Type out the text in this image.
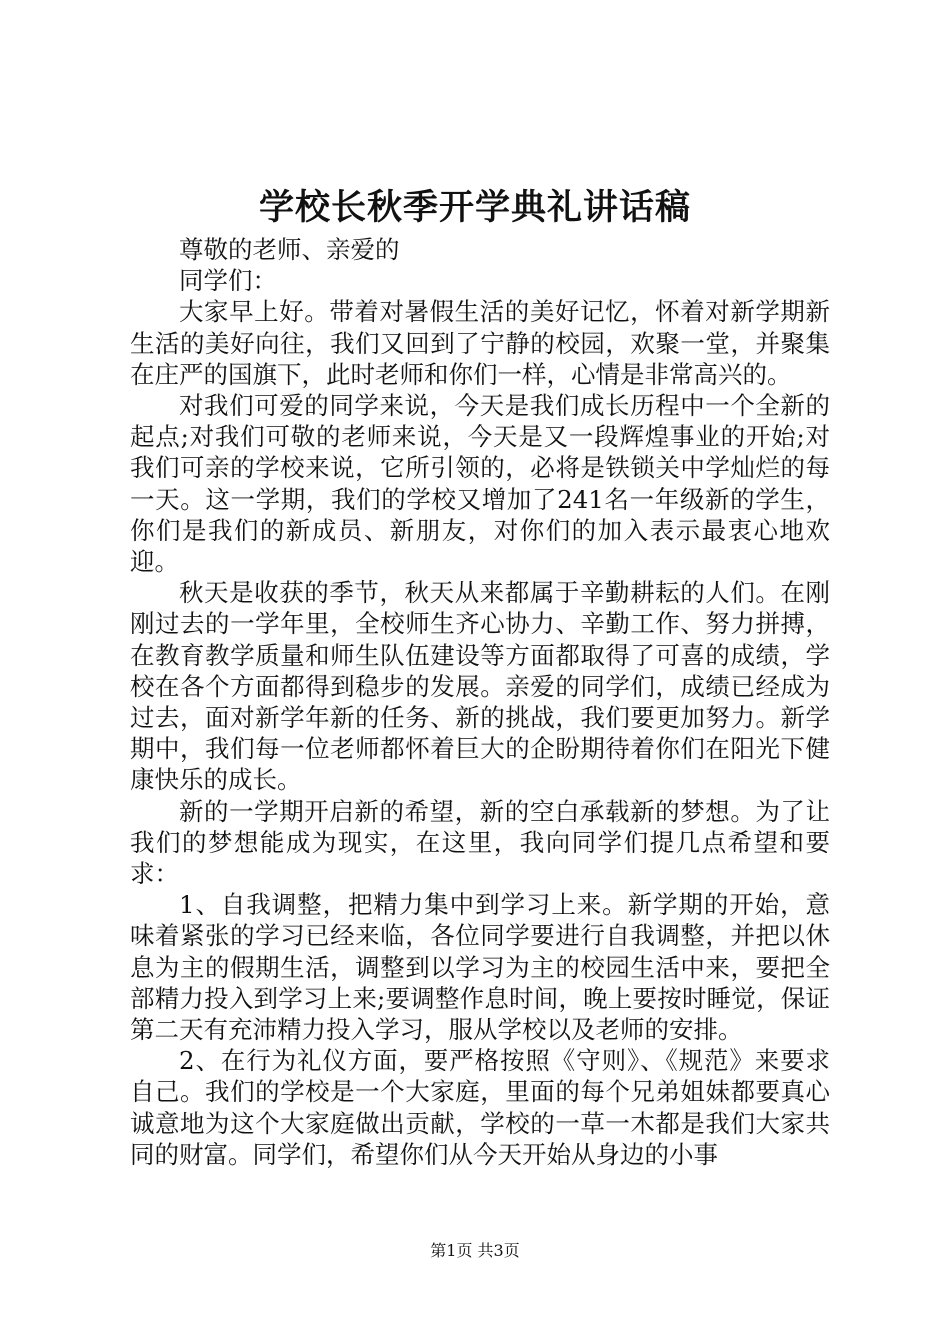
学校长秋季开学典礼讲话稿

尊敬的老师、亲爱的

同学们：

大家早上好。带着对暑假生活的美好记忆，怀着对新学期新生活的美好向往，我们又回到了宁静的校园，欢聚一堂，并聚集在庄严的国旗下，此时老师和你们一样，心情是非常高兴的。

对我们可爱的同学来说，今天是我们成长历程中一个全新的起点;对我们可敬的老师来说，今天是又一段辉煌事业的开始;对我们可亲的学校来说，它所引领的，必将是铁锁关中学灿烂的每一天。这一学期，我们的学校又增加了241名一年级新的学生，你们是我们的新成员、新朋友，对你们的加入表示最衷心地欢迎。

秋天是收获的季节，秋天从来都属于辛勤耕耘的人们。在刚刚过去的一学年里，全校师生齐心协力、辛勤工作、努力拼搏，在教育教学质量和师生队伍建设等方面都取得了可喜的成绩，学校在各个方面都得到稳步的发展。亲爱的同学们，成绩已经成为过去，面对新学年新的任务、新的挑战，我们要更加努力。新学期中，我们每一位老师都怀着巨大的企盼期待着你们在阳光下健康快乐的成长。

新的一学期开启新的希望，新的空白承载新的梦想。为了让我们的梦想能成为现实，在这里，我向同学们提几点希望和要求：

1、自我调整，把精力集中到学习上来。新学期的开始，意味着紧张的学习已经来临，各位同学要进行自我调整，并把以休息为主的假期生活，调整到以学习为主的校园生活中来，要把全部精力投入到学习上来;要调整作息时间，晚上要按时睡觉，保证第二天有充沛精力投入学习，服从学校以及老师的安排。

2、在行为礼仪方面，要严格按照《守则》、《规范》来要求自己。我们的学校是一个大家庭，里面的每个兄弟姐妹都要真心诚意地为这个大家庭做出贡献，学校的一草一木都是我们大家共同的财富。同学们，希望你们从今天开始从身边的小事

第1页 共3页
